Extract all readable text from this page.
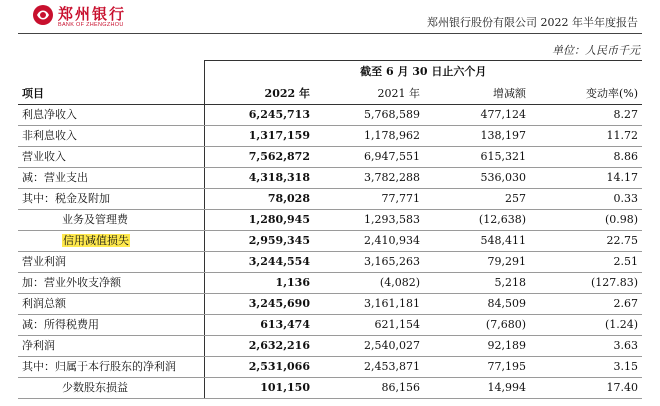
郑州银行
BANK OF ZHENGZHOU	郑州银行股份有限公司 2022 年半年度报告
单位：人民币千元
	截至 6 月 30 日止六个月			
项目	2022 年	2021 年	增减额	变动率(%)
利息净收入	6,245,713	5,768,589	477,124	8.27
非利息收入	1,317,159	1,178,962	138,197	11.72
营业收入	7,562,872	6,947,551	615,321	8.86
减：营业支出	4,318,318	3,782,288	536,030	14.17
其中：税金及附加	78,028	77,771	257	0.33
业务及管理费	1,280,945	1,293,583	(12,638)	(0.98)
信用减值损失	2,959,345	2,410,934	548,411	22.75
营业利润	3,244,554	3,165,263	79,291	2.51
加：营业外收支净额	1,136	(4,082)	5,218	(127.83)
利润总额	3,245,690	3,161,181	84,509	2.67
减：所得税费用	613,474	621,154	(7,680)	(1.24)
净利润	2,632,216	2,540,027	92,189	3.63
其中：归属于本行股东的净利润	2,531,066	2,453,871	77,195	3.15
少数股东损益	101,150	86,156	14,994	17.40
